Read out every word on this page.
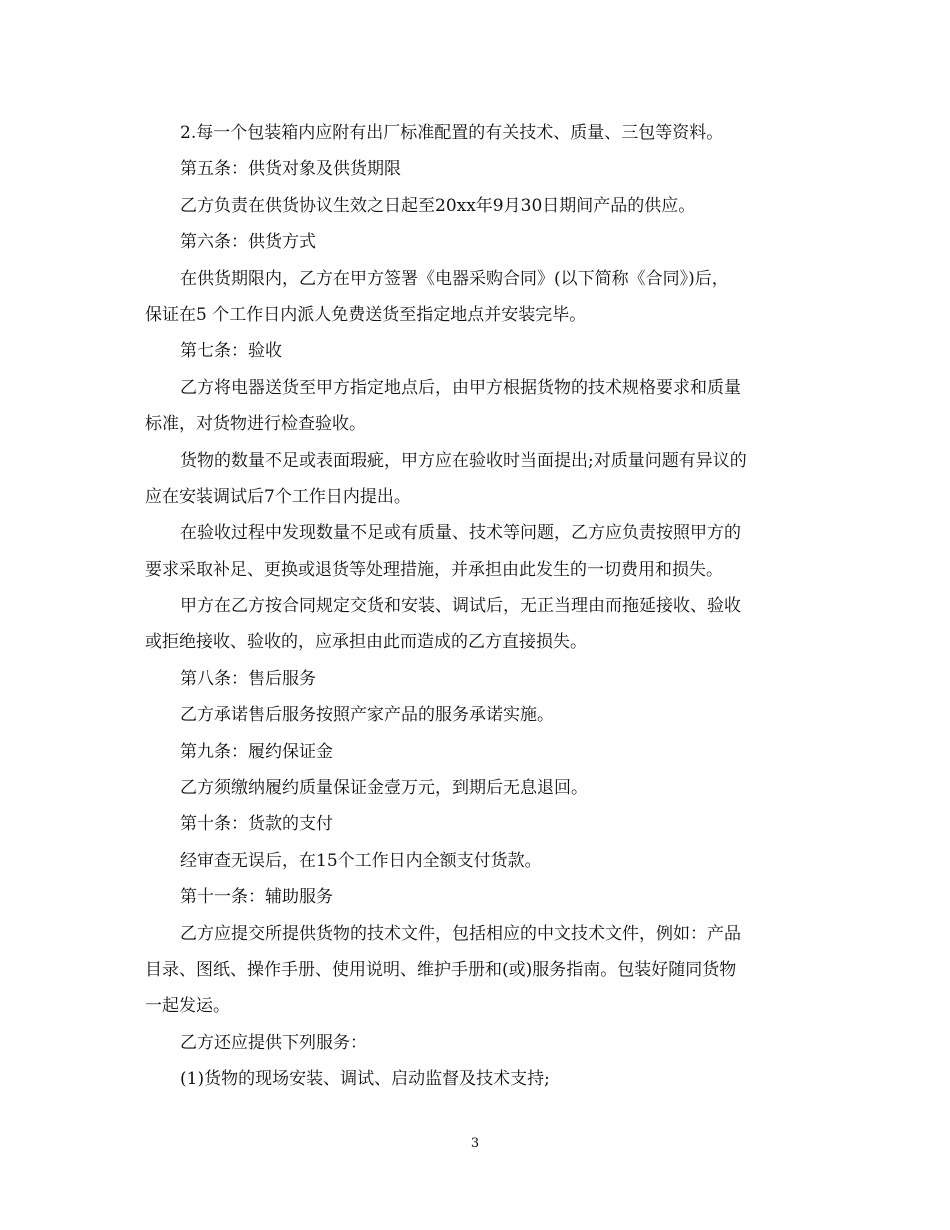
2.每一个包装箱内应附有出厂标准配置的有关技术、质量、三包等资料。
第五条：供货对象及供货期限
乙方负责在供货协议生效之日起至20xx年9月30日期间产品的供应。
第六条：供货方式
在供货期限内，乙方在甲方签署《电器采购合同》(以下简称《合同》)后，
保证在5 个工作日内派人免费送货至指定地点并安装完毕。
第七条：验收
乙方将电器送货至甲方指定地点后，由甲方根据货物的技术规格要求和质量
标准，对货物进行检查验收。
货物的数量不足或表面瑕疵，甲方应在验收时当面提出;对质量问题有异议的
应在安装调试后7个工作日内提出。
在验收过程中发现数量不足或有质量、技术等问题，乙方应负责按照甲方的
要求采取补足、更换或退货等处理措施，并承担由此发生的一切费用和损失。
甲方在乙方按合同规定交货和安装、调试后，无正当理由而拖延接收、验收
或拒绝接收、验收的，应承担由此而造成的乙方直接损失。
第八条：售后服务
乙方承诺售后服务按照产家产品的服务承诺实施。
第九条：履约保证金
乙方须缴纳履约质量保证金壹万元，到期后无息退回。
第十条：货款的支付
经审查无误后，在15个工作日内全额支付货款。
第十一条：辅助服务
乙方应提交所提供货物的技术文件，包括相应的中文技术文件，例如：产品
目录、图纸、操作手册、使用说明、维护手册和(或)服务指南。包装好随同货物
一起发运。
乙方还应提供下列服务：
(1)货物的现场安装、调试、启动监督及技术支持;
3
